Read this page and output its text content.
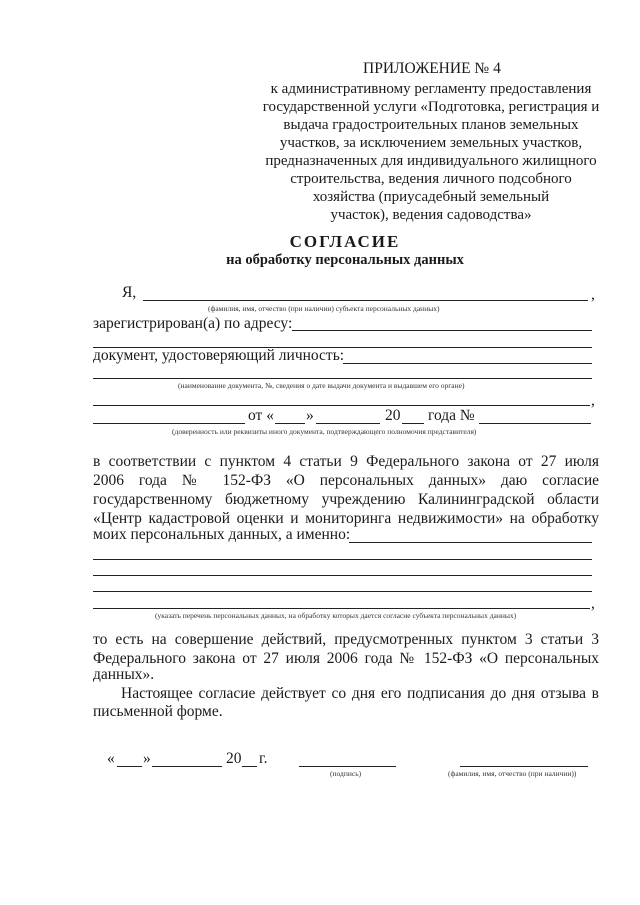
ПРИЛОЖЕНИЕ № 4
к административному регламенту предоставления
государственной услуги «Подготовка, регистрация и
выдача градостроительных планов земельных
участков, за исключением земельных участков,
предназначенных для индивидуального жилищного
строительства, ведения личного подсобного
хозяйства (приусадебный земельный
участок), ведения садоводства»
СОГЛАСИЕ
на обработку персональных данных
Я,	,
(фамилия, имя, отчество (при наличии) субъекта персональных данных)
зарегистрирован(а) по адресу:
документ, удостоверяющий личность:
(наименование документа, №, сведения о дате выдачи документа и выдавшем его органе)
,
от « »	20 года №
(доверенность или реквизиты иного документа, подтверждающего полномочия представителя)
в соответствии с пунктом 4 статьи 9 Федерального закона от 27 июля
2006 года № 152-ФЗ «О персональных данных» даю согласие
государственному бюджетному учреждению Калининградской области
«Центр кадастровой оценки и мониторинга недвижимости» на обработку
моих персональных данных, а именно:
,
(указать перечень персональных данных, на обработку которых дается согласие субъекта персональных данных)
то есть на совершение действий, предусмотренных пунктом 3 статьи 3
Федерального закона от 27 июля 2006 года № 152-ФЗ «О персональных
данных».
Настоящее согласие действует со дня его подписания до дня отзыва в
письменной форме.
« »	20 г.
(подпись)	(фамилия, имя, отчество (при наличии))
